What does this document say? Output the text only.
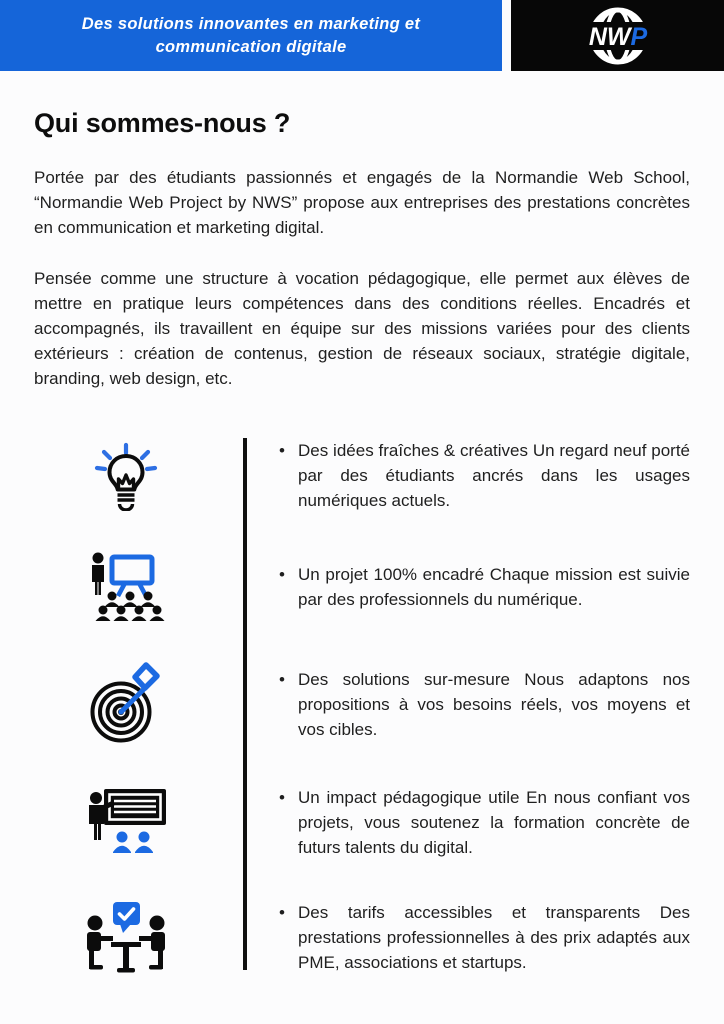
Des solutions innovantes en marketing et
communication digitale	NWP
Qui sommes-nous ?

Portée par des étudiants passionnés et engagés de la Normandie Web School, “Normandie Web Project by NWS” propose aux entreprises des prestations concrètes en communication et marketing digital.

Pensée comme une structure à vocation pédagogique, elle permet aux élèves de mettre en pratique leurs compétences dans des conditions réelles. Encadrés et accompagnés, ils travaillent en équipe sur des missions variées pour des clients extérieurs : création de contenus, gestion de réseaux sociaux, stratégie digitale, branding, web design, etc.

• Des idées fraîches & créatives Un regard neuf porté par des étudiants ancrés dans les usages numériques actuels.
• Un projet 100% encadré Chaque mission est suivie par des professionnels du numérique.
• Des solutions sur-mesure Nous adaptons nos propositions à vos besoins réels, vos moyens et vos cibles.
• Un impact pédagogique utile En nous confiant vos projets, vous soutenez la formation concrète de futurs talents du digital.
• Des tarifs accessibles et transparents Des prestations professionnelles à des prix adaptés aux PME, associations et startups.
